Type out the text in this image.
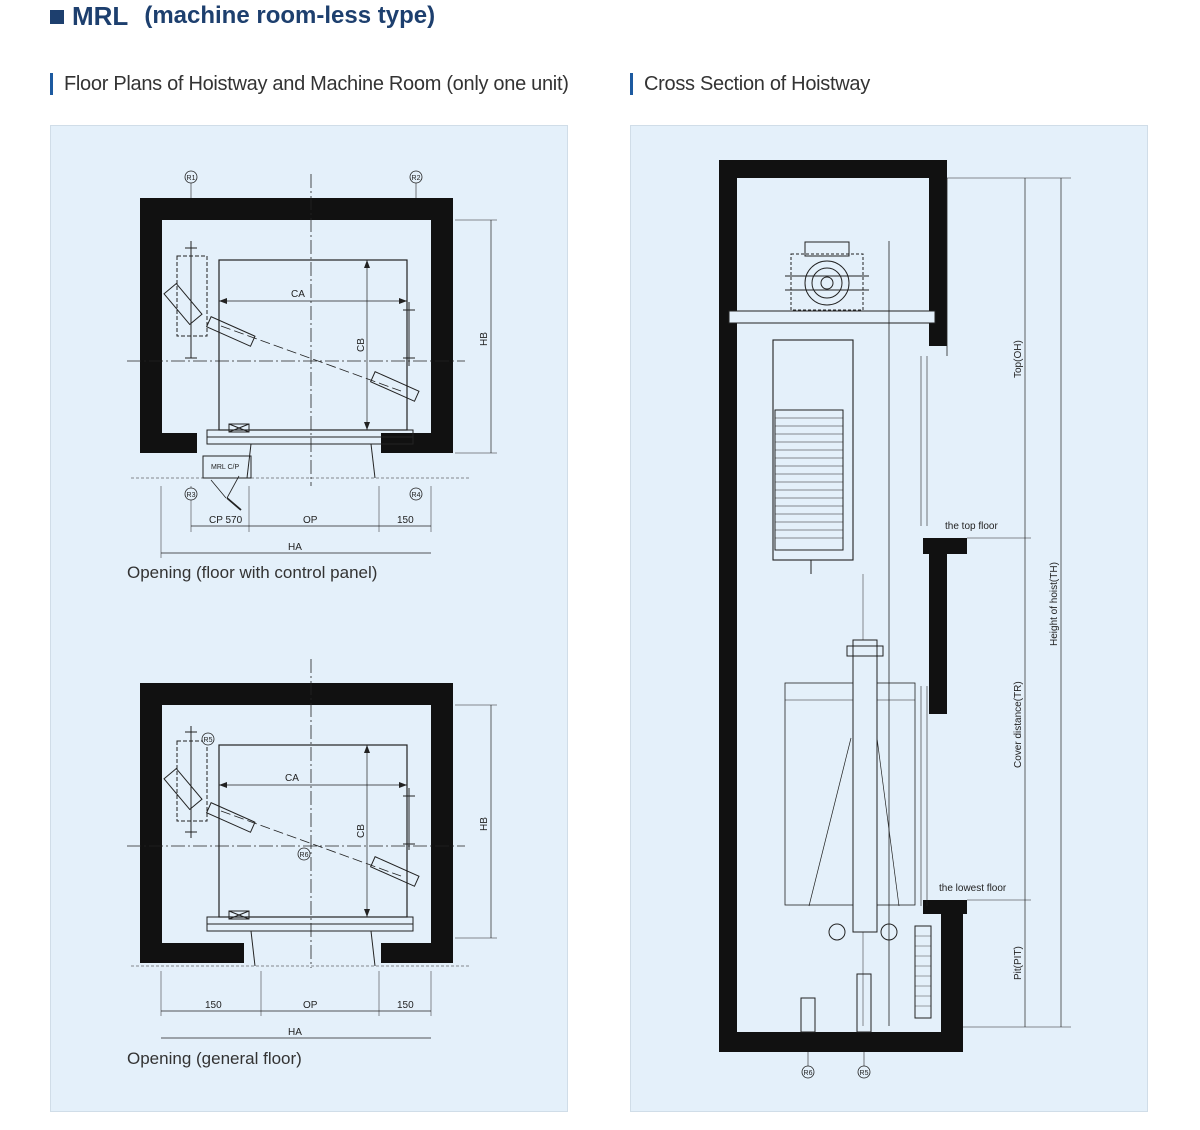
MRL (machine room-less type)
Floor Plans of Hoistway and Machine Room (only one unit)	Cross Section of Hoistway
R1	R2
R3	R4
CA
CB	HB
MRL C/P
CP 570	OP	150
HA
R5
R6
CA
CB
HB
150	OP	150
HA
Opening (floor with control panel)
Opening (general floor)
the top floor
the lowest floor
Top(OH)
Cover distance(TR)
Pit(PIT)
Height of hoist(TH)
R6	R5
